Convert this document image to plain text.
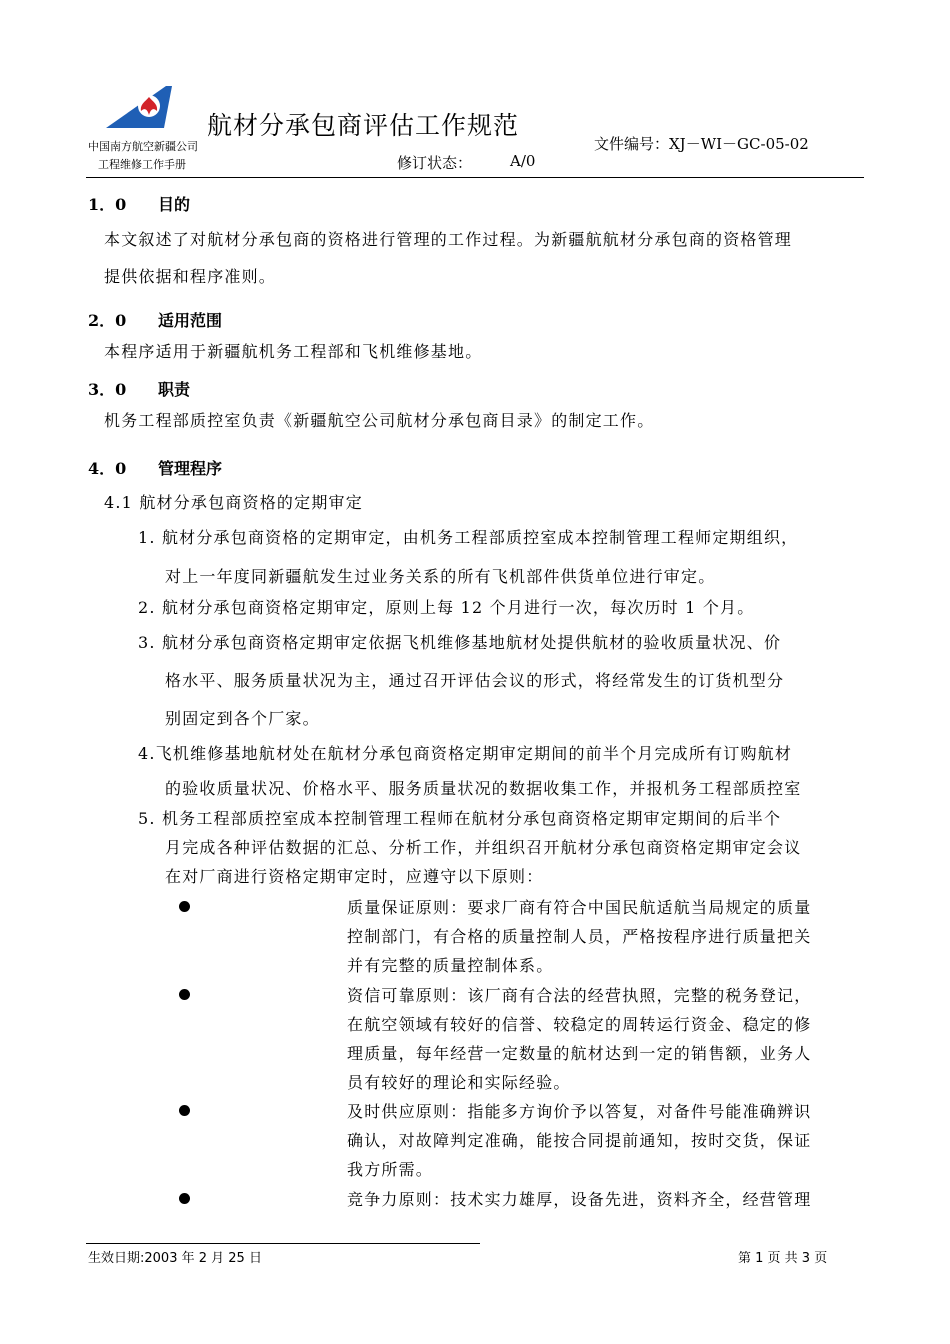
中国南方航空新疆公司
工程维修工作手册
航材分承包商评估工作规范
文件编号：XJ－WI－GC-05-02
修订状态：	A/0
1．0 目的
本文叙述了对航材分承包商的资格进行管理的工作过程。为新疆航航材分承包商的资格管理
提供依据和程序准则。
2．0 适用范围
本程序适用于新疆航机务工程部和飞机维修基地。
3．0 职责
机务工程部质控室负责《新疆航空公司航材分承包商目录》的制定工作。
4．0 管理程序
4.1 航材分承包商资格的定期审定
1. 航材分承包商资格的定期审定，由机务工程部质控室成本控制管理工程师定期组织，
对上一年度同新疆航发生过业务关系的所有飞机部件供货单位进行审定。
2. 航材分承包商资格定期审定，原则上每 12 个月进行一次，每次历时 1 个月。
3. 航材分承包商资格定期审定依据飞机维修基地航材处提供航材的验收质量状况、价
格水平、服务质量状况为主，通过召开评估会议的形式，将经常发生的订货机型分
别固定到各个厂家。
4.飞机维修基地航材处在航材分承包商资格定期审定期间的前半个月完成所有订购航材
的验收质量状况、价格水平、服务质量状况的数据收集工作，并报机务工程部质控室
5. 机务工程部质控室成本控制管理工程师在航材分承包商资格定期审定期间的后半个
月完成各种评估数据的汇总、分析工作，并组织召开航材分承包商资格定期审定会议
在对厂商进行资格定期审定时，应遵守以下原则：
质量保证原则：要求厂商有符合中国民航适航当局规定的质量
控制部门，有合格的质量控制人员，严格按程序进行质量把关
并有完整的质量控制体系。
资信可靠原则：该厂商有合法的经营执照，完整的税务登记，
在航空领域有较好的信誉、较稳定的周转运行资金、稳定的修
理质量，每年经营一定数量的航材达到一定的销售额，业务人
员有较好的理论和实际经验。
及时供应原则：指能多方询价予以答复，对备件号能准确辨识
确认，对故障判定准确，能按合同提前通知，按时交货，保证
我方所需。
竞争力原则：技术实力雄厚，设备先进，资料齐全，经营管理
生效日期:2003 年 2 月 25 日	第 1 页 共 3 页
